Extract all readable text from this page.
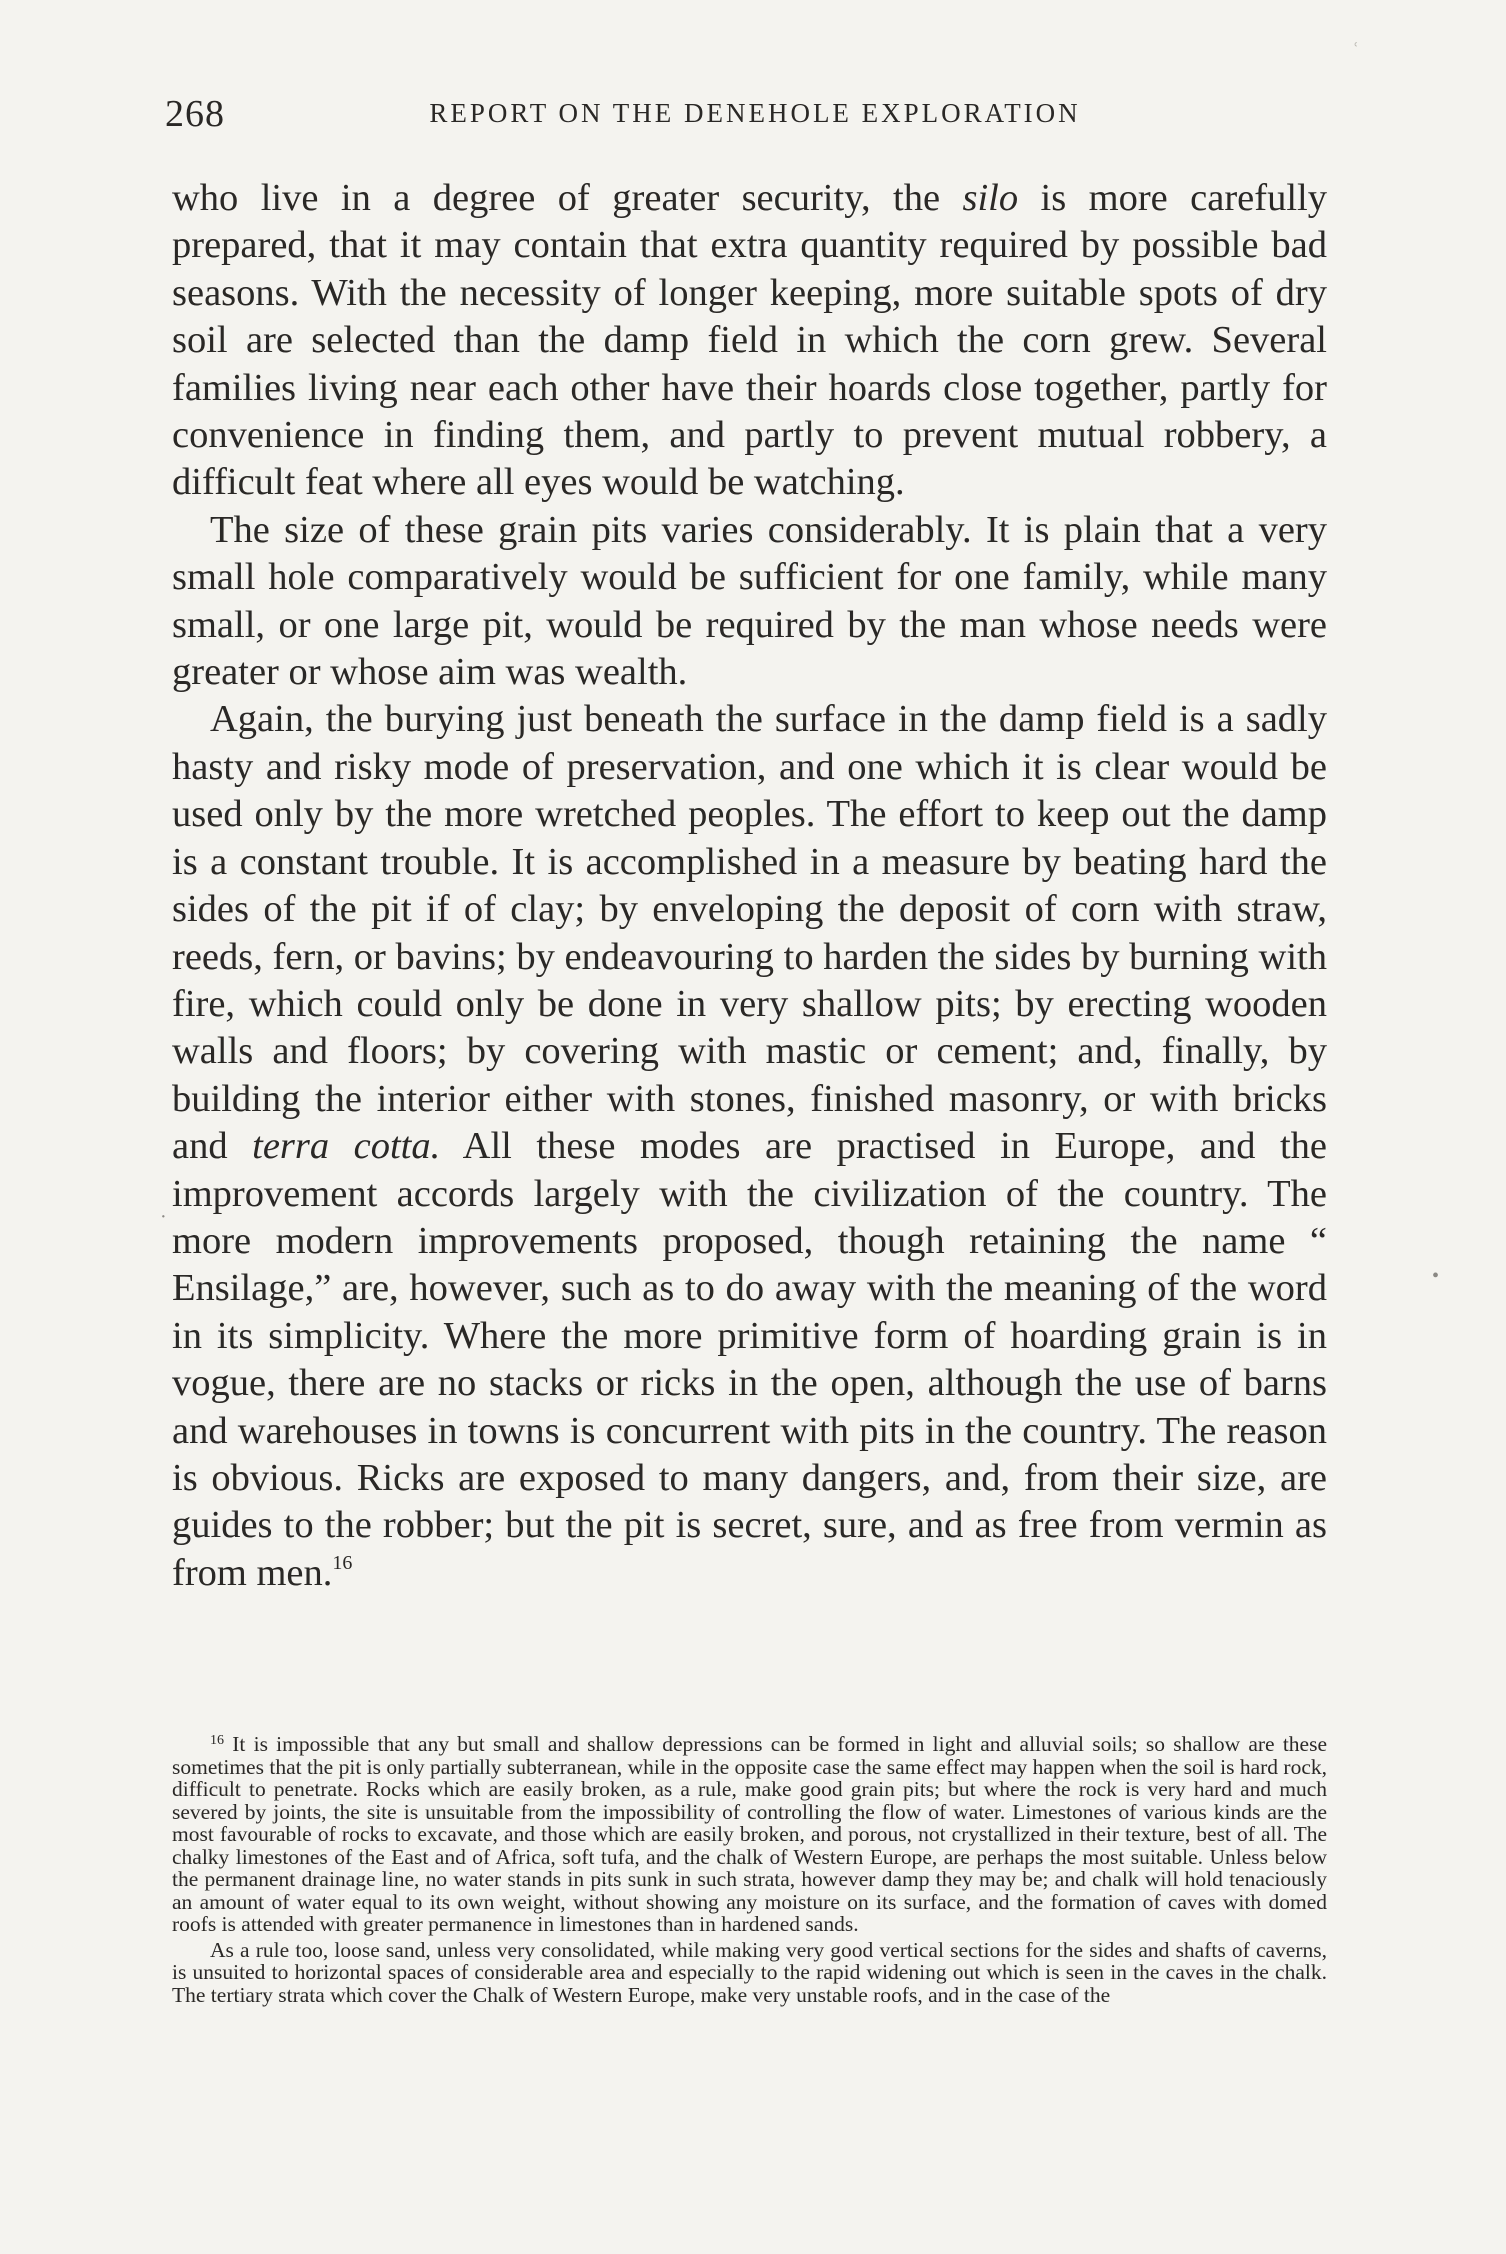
268	REPORT ON THE DENEHOLE EXPLORATION

who live in a degree of greater security, the silo is more carefully prepared, that it may contain that extra quantity required by possible bad seasons. With the necessity of longer keeping, more suitable spots of dry soil are selected than the damp field in which the corn grew. Several families living near each other have their hoards close together, partly for convenience in finding them, and partly to prevent mutual robbery, a difficult feat where all eyes would be watching.

The size of these grain pits varies considerably. It is plain that a very small hole comparatively would be sufficient for one family, while many small, or one large pit, would be required by the man whose needs were greater or whose aim was wealth.

Again, the burying just beneath the surface in the damp field is a sadly hasty and risky mode of preservation, and one which it is clear would be used only by the more wretched peoples. The effort to keep out the damp is a constant trouble. It is accomplished in a measure by beating hard the sides of the pit if of clay; by enveloping the deposit of corn with straw, reeds, fern, or bavins; by endeavouring to harden the sides by burning with fire, which could only be done in very shallow pits; by erecting wooden walls and floors; by covering with mastic or cement; and, finally, by building the interior either with stones, finished masonry, or with bricks and terra cotta. All these modes are practised in Europe, and the improvement accords largely with the civilization of the country. The more modern improvements proposed, though retaining the name “ Ensilage,” are, however, such as to do away with the meaning of the word in its simplicity. Where the more primitive form of hoarding grain is in vogue, there are no stacks or ricks in the open, although the use of barns and warehouses in towns is concurrent with pits in the country. The reason is obvious. Ricks are exposed to many dangers, and, from their size, are guides to the robber; but the pit is secret, sure, and as free from vermin as from men.$^{16}$

$^{16}$ It is impossible that any but small and shallow depressions can be formed in light and alluvial soils; so shallow are these sometimes that the pit is only partially subterranean, while in the opposite case the same effect may happen when the soil is hard rock, difficult to penetrate. Rocks which are easily broken, as a rule, make good grain pits; but where the rock is very hard and much severed by joints, the site is unsuitable from the impossibility of controlling the flow of water. Limestones of various kinds are the most favourable of rocks to excavate, and those which are easily broken, and porous, not crystallized in their texture, best of all. The chalky limestones of the East and of Africa, soft tufa, and the chalk of Western Europe, are perhaps the most suitable. Unless below the permanent drainage line, no water stands in pits sunk in such strata, however damp they may be; and chalk will hold tenaciously an amount of water equal to its own weight, without showing any moisture on its surface, and the formation of caves with domed roofs is attended with greater permanence in limestones than in hardened sands.

As a rule too, loose sand, unless very consolidated, while making very good vertical sections for the sides and shafts of caverns, is unsuited to horizontal spaces of considerable area and especially to the rapid widening out which is seen in the caves in the chalk. The tertiary strata which cover the Chalk of Western Europe, make very unstable roofs, and in the case of the

ʿ
•
·
